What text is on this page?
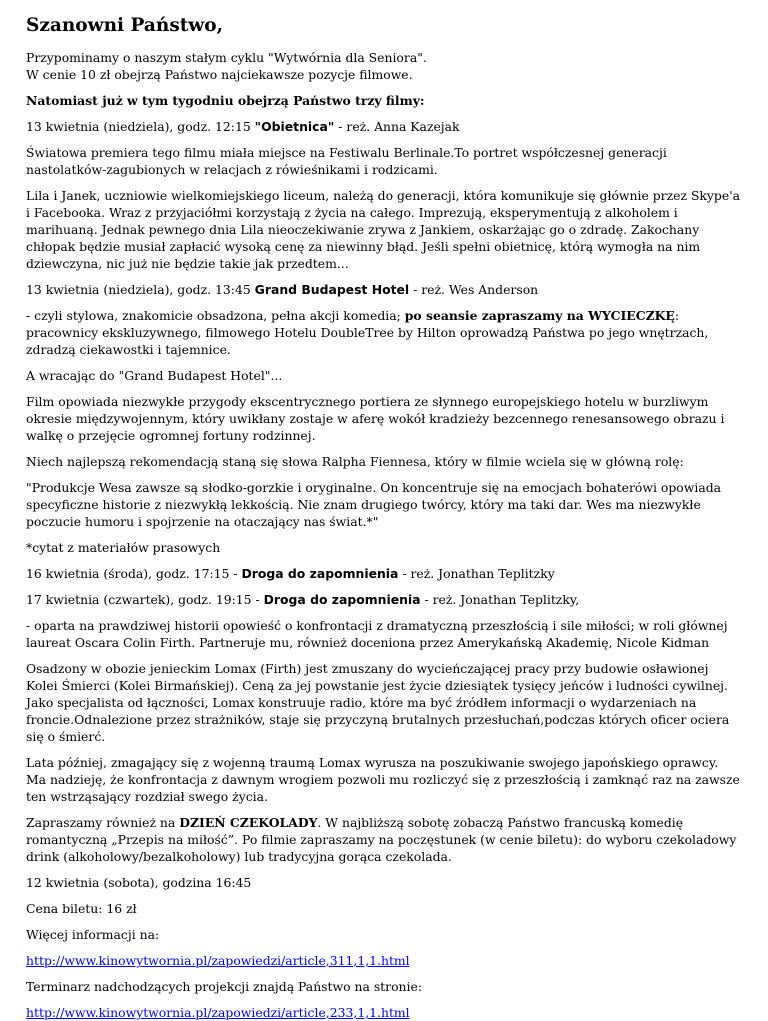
Szanowni Państwo,

Przypominamy o naszym stałym cyklu "Wytwórnia dla Seniora".
W cenie 10 zł obejrzą Państwo najciekawsze pozycje filmowe.

Natomiast już w tym tygodniu obejrzą Państwo trzy filmy:

13 kwietnia (niedziela), godz. 12:15 "Obietnica" - reż. Anna Kazejak

Światowa premiera tego filmu miała miejsce na Festiwalu Berlinale.To portret współczesnej generacji nastolatków-zagubionych w relacjach z rówieśnikami i rodzicami.

Lila i Janek, uczniowie wielkomiejskiego liceum, należą do generacji, która komunikuje się głównie przez Skype'a i Facebooka. Wraz z przyjaciółmi korzystają z życia na całego. Imprezują, eksperymentują z alkoholem i marihuaną. Jednak pewnego dnia Lila nieoczekiwanie zrywa z Jankiem, oskarżając go o zdradę. Zakochany chłopak będzie musiał zapłacić wysoką cenę za niewinny błąd. Jeśli spełni obietnicę, którą wymogła na nim dziewczyna, nic już nie będzie takie jak przedtem...

13 kwietnia (niedziela), godz. 13:45 Grand Budapest Hotel - reż. Wes Anderson

- czyli stylowa, znakomicie obsadzona, pełna akcji komedia; po seansie zapraszamy na WYCIECZKĘ: pracownicy ekskluzywnego, filmowego Hotelu DoubleTree by Hilton oprowadzą Państwa po jego wnętrzach, zdradzą ciekawostki i tajemnice.

A wracając do "Grand Budapest Hotel"...

Film opowiada niezwykłe przygody ekscentrycznego portiera ze słynnego europejskiego hotelu w burzliwym okresie międzywojennym, który uwikłany zostaje w aferę wokół kradzieży bezcennego renesansowego obrazu i walkę o przejęcie ogromnej fortuny rodzinnej.

Niech najlepszą rekomendacją staną się słowa Ralpha Fiennesa, który w filmie wciela się w główną rolę:

"Produkcje Wesa zawsze są słodko-gorzkie i oryginalne. On koncentruje się na emocjach bohaterówi opowiada specyficzne historie z niezwykłą lekkością. Nie znam drugiego twórcy, który ma taki dar. Wes ma niezwykłe poczucie humoru i spojrzenie na otaczający nas świat.*"

*cytat z materiałów prasowych

16 kwietnia (środa), godz. 17:15 - Droga do zapomnienia - reż. Jonathan Teplitzky

17 kwietnia (czwartek), godz. 19:15 - Droga do zapomnienia - reż. Jonathan Teplitzky,

- oparta na prawdziwej historii opowieść o konfrontacji z dramatyczną przeszłością i sile miłości; w roli głównej laureat Oscara Colin Firth. Partneruje mu, również doceniona przez Amerykańską Akademię, Nicole Kidman

Osadzony w obozie jenieckim Lomax (Firth) jest zmuszany do wycieńczającej pracy przy budowie osławionej Kolei Śmierci (Kolei Birmańskiej). Ceną za jej powstanie jest życie dziesiątek tysięcy jeńców i ludności cywilnej. Jako specjalista od łączności, Lomax konstruuje radio, które ma być źródłem informacji o wydarzeniach na froncie.Odnalezione przez strażników, staje się przyczyną brutalnych przesłuchań,podczas których oficer ociera się o śmierć.

Lata później, zmagający się z wojenną traumą Lomax wyrusza na poszukiwanie swojego japońskiego oprawcy. Ma nadzieję, że konfrontacja z dawnym wrogiem pozwoli mu rozliczyć się z przeszłością i zamknąć raz na zawsze ten wstrząsający rozdział swego życia.

Zapraszamy również na DZIEŃ CZEKOLADY. W najbliższą sobotę zobaczą Państwo francuską komedię romantyczną „Przepis na miłość”. Po filmie zapraszamy na poczęstunek (w cenie biletu): do wyboru czekoladowy drink (alkoholowy/bezalkoholowy) lub tradycyjna gorąca czekolada.

12 kwietnia (sobota), godzina 16:45

Cena biletu: 16 zł

Więcej informacji na:

http://www.kinowytwornia.pl/zapowiedzi/article,311,1,1.html

Terminarz nadchodzących projekcji znajdą Państwo na stronie:

http://www.kinowytwornia.pl/zapowiedzi/article,233,1,1.html
